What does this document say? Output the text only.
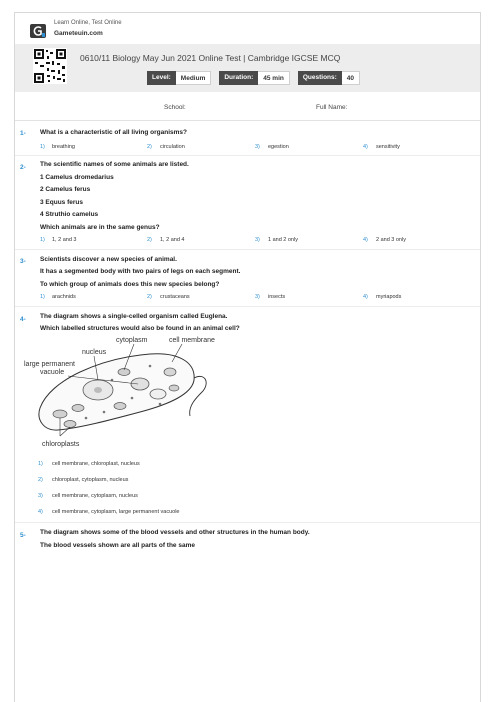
Learn Online, Test Online
Gameteuin.com
0610/11 Biology May Jun 2021 Online Test | Cambridge IGCSE MCQ
Level:	Medium	Duration:	45 min	Questions:	40
School:	Full Name:
1- What is a characteristic of all living organisms?
1) breathing	2) circulation	3) egestion	4) sensitivity
2- The scientific names of some animals are listed.
1 Camelus dromedarius
2 Camelus ferus
3 Equus ferus
4 Struthio camelus
Which animals are in the same genus?
1) 1, 2 and 3	2) 1, 2 and 4	3) 1 and 2 only	4) 2 and 3 only
3- Scientists discover a new species of animal.
It has a segmented body with two pairs of legs on each segment.
To which group of animals does this new species belong?
1) arachnids	2) crustaceans	3) insects	4) myriapods
4- The diagram shows a single-celled organism called Euglena.
Which labelled structures would also be found in an animal cell?
cytoplasm	cell membrane
nucleus
large permanent
vacuole
chloroplasts
1) cell membrane, chloroplast, nucleus
2) chloroplast, cytoplasm, nucleus
3) cell membrane, cytoplasm, nucleus
4) cell membrane, cytoplasm, large permanent vacuole
5- The diagram shows some of the blood vessels and other structures in the human body.
The blood vessels shown are all parts of the same
